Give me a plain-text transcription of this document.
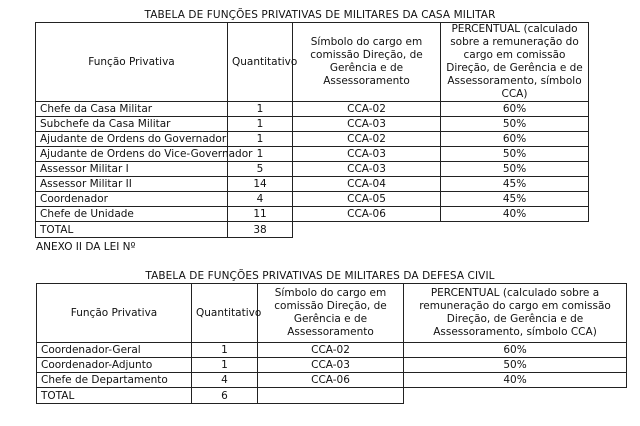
TABELA DE FUNÇÕES PRIVATIVAS DE MILITARES DA CASA MILITAR
Função Privativa	Quantitativo	Símbolo do cargo em comissão Direção, de Gerência e de Assessoramento	PERCENTUAL (calculado sobre a remuneração do cargo em comissão Direção, de Gerência e de Assessoramento, símbolo CCA)
Chefe da Casa Militar	1	CCA-02	60%
Subchefe da Casa Militar	1	CCA-03	50%
Ajudante de Ordens do Governador	1	CCA-02	60%
Ajudante de Ordens do Vice-Governador	1	CCA-03	50%
Assessor Militar I	5	CCA-03	50%
Assessor Militar II	14	CCA-04	45%
Coordenador	4	CCA-05	45%
Chefe de Unidade	11	CCA-06	40%
TOTAL	38		
ANEXO II DA LEI Nº
TABELA DE FUNÇÕES PRIVATIVAS DE MILITARES DA DEFESA CIVIL
Função Privativa	Quantitativo	Símbolo do cargo em comissão Direção, de Gerência e de Assessoramento	PERCENTUAL (calculado sobre a remuneração do cargo em comissão Direção, de Gerência e de Assessoramento, símbolo CCA)
Coordenador-Geral	1	CCA-02	60%
Coordenador-Adjunto	1	CCA-03	50%
Chefe de Departamento	4	CCA-06	40%
TOTAL	6		
